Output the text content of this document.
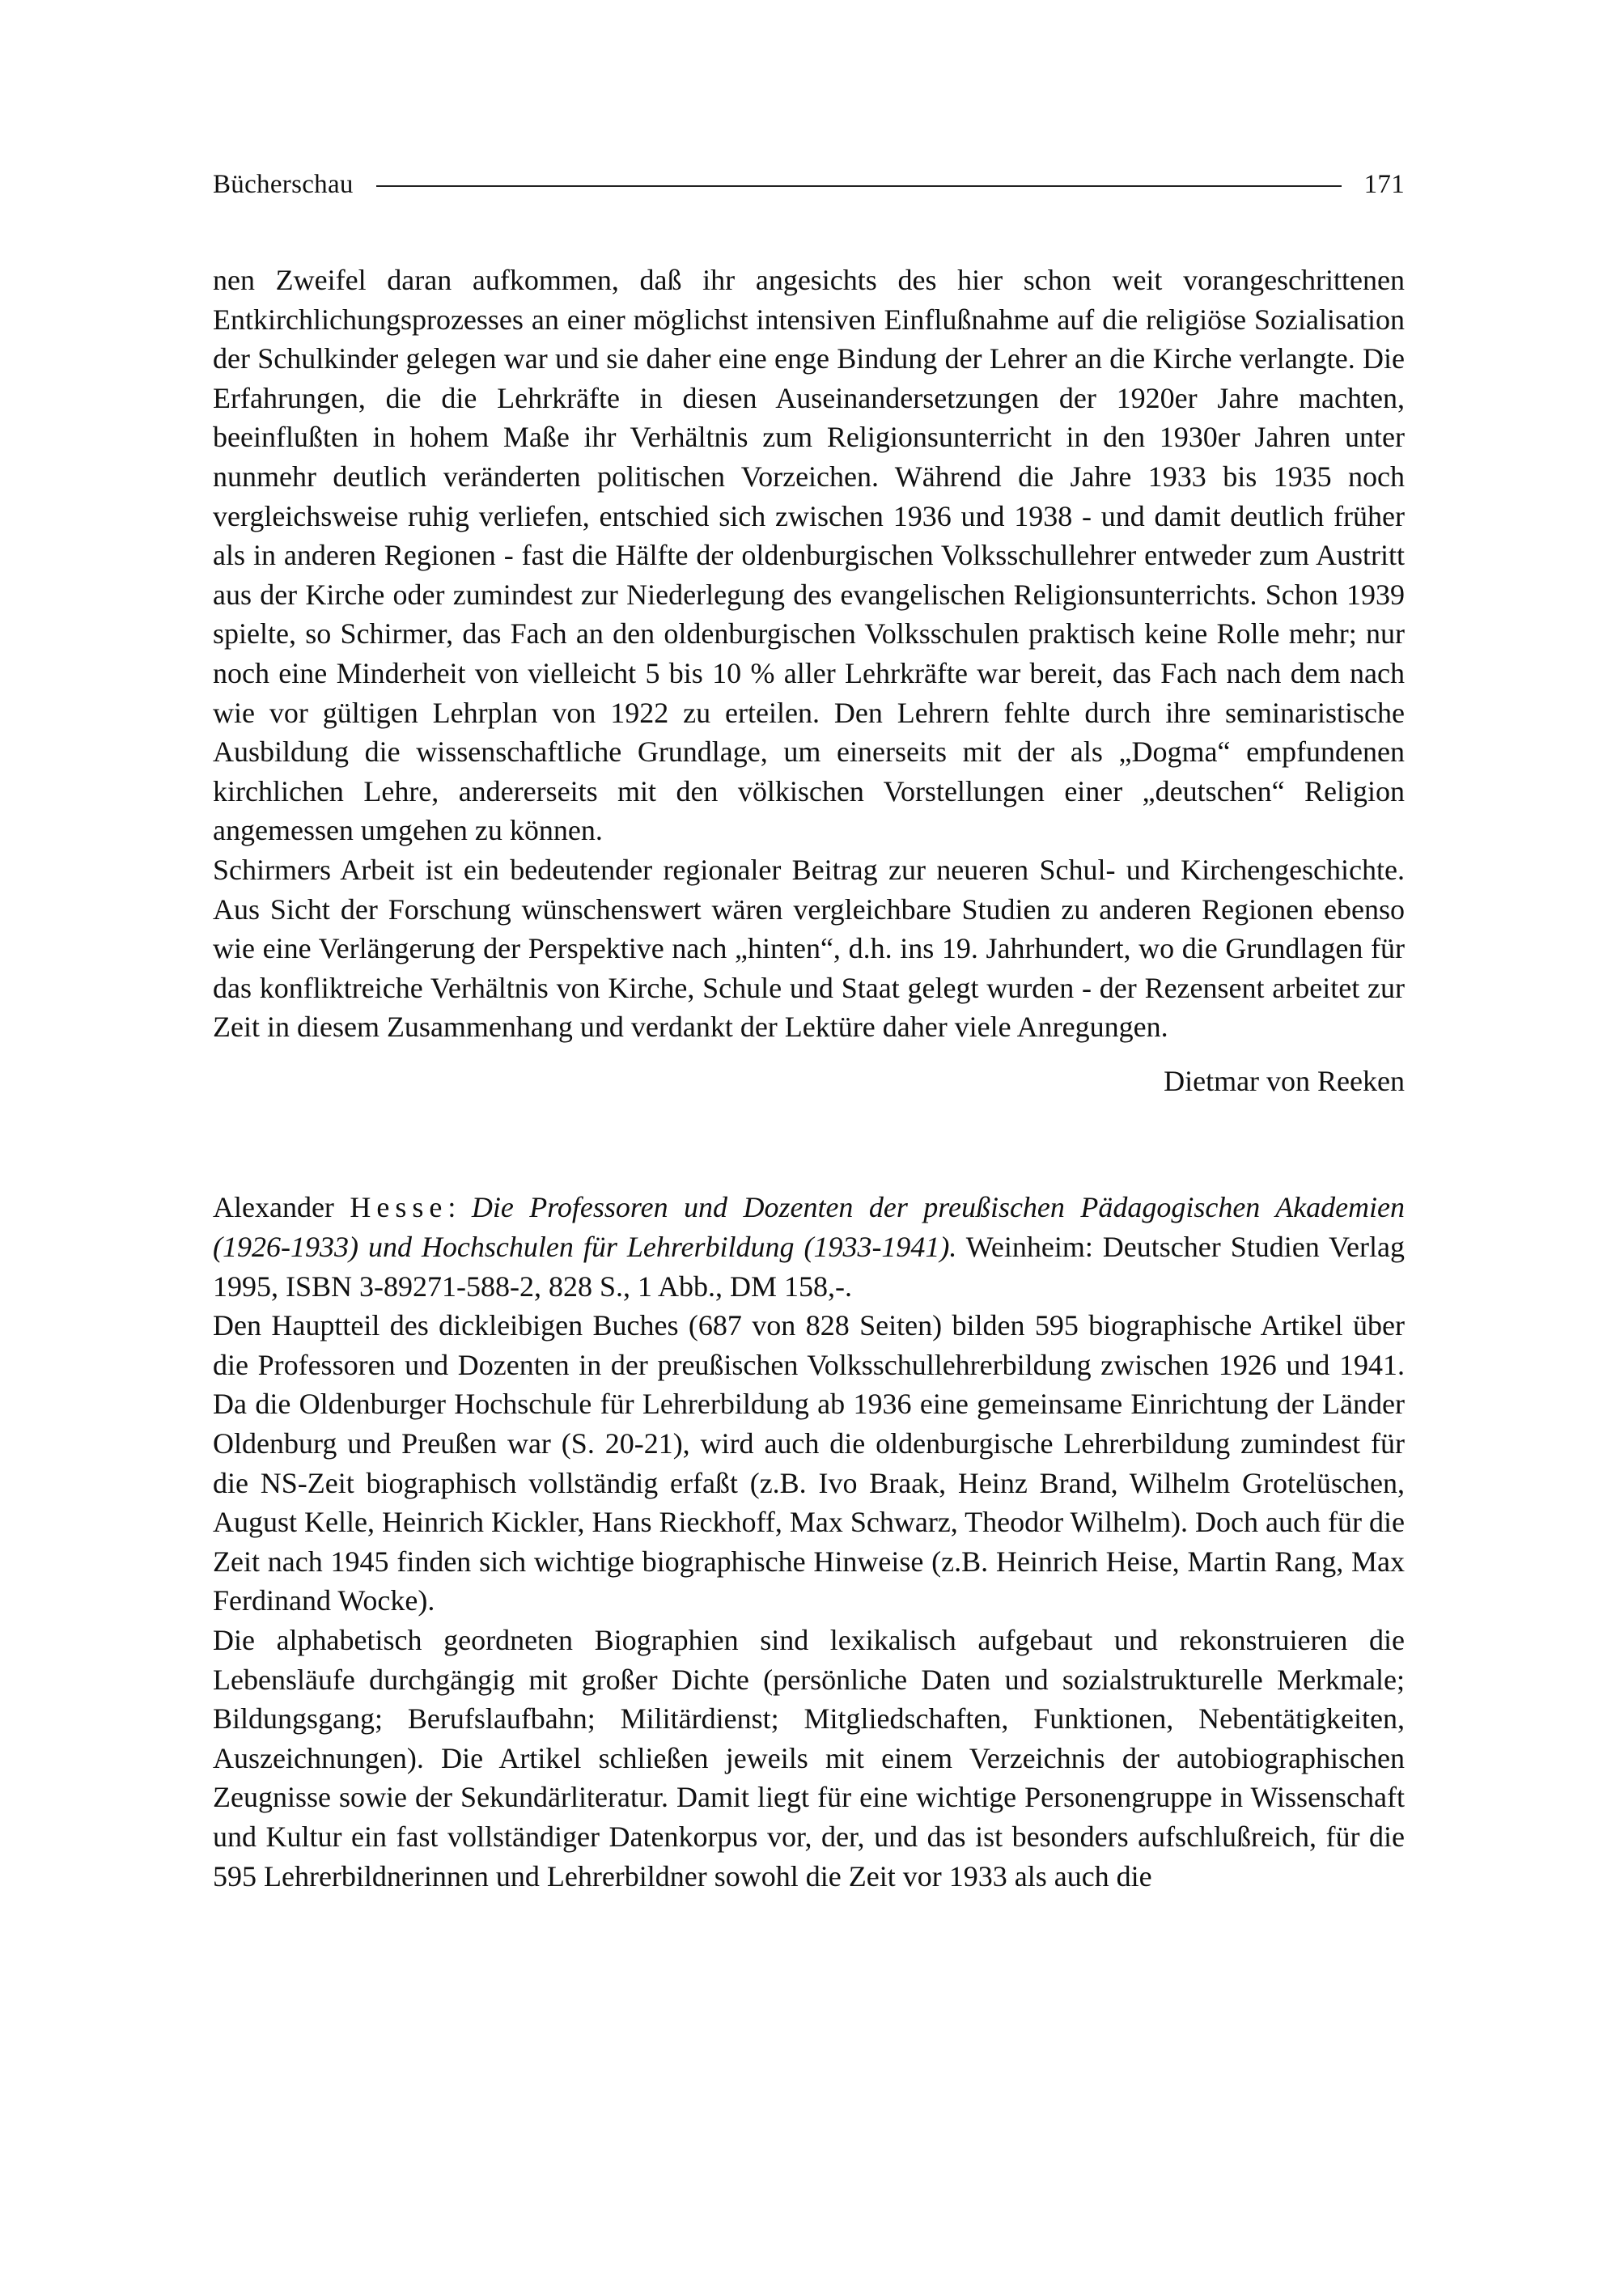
Bücherschau	171

nen Zweifel daran aufkommen, daß ihr angesichts des hier schon weit vorangeschrittenen Entkirchlichungsprozesses an einer möglichst intensiven Einflußnahme auf die religiöse Sozialisation der Schulkinder gelegen war und sie daher eine enge Bindung der Lehrer an die Kirche verlangte. Die Erfahrungen, die die Lehrkräfte in diesen Auseinandersetzungen der 1920er Jahre machten, beeinflußten in hohem Maße ihr Verhältnis zum Religionsunterricht in den 1930er Jahren unter nunmehr deutlich veränderten politischen Vorzeichen. Während die Jahre 1933 bis 1935 noch vergleichsweise ruhig verliefen, entschied sich zwischen 1936 und 1938 - und damit deutlich früher als in anderen Regionen - fast die Hälfte der oldenburgischen Volksschullehrer entweder zum Austritt aus der Kirche oder zumindest zur Niederlegung des evangelischen Religionsunterrichts. Schon 1939 spielte, so Schirmer, das Fach an den oldenburgischen Volksschulen praktisch keine Rolle mehr; nur noch eine Minderheit von vielleicht 5 bis 10 % aller Lehrkräfte war bereit, das Fach nach dem nach wie vor gültigen Lehrplan von 1922 zu erteilen. Den Lehrern fehlte durch ihre seminaristische Ausbildung die wissenschaftliche Grundlage, um einerseits mit der als „Dogma“ empfundenen kirchlichen Lehre, andererseits mit den völkischen Vorstellungen einer „deutschen“ Religion angemessen umgehen zu können.

Schirmers Arbeit ist ein bedeutender regionaler Beitrag zur neueren Schul- und Kirchengeschichte. Aus Sicht der Forschung wünschenswert wären vergleichbare Studien zu anderen Regionen ebenso wie eine Verlängerung der Perspektive nach „hinten“, d.h. ins 19. Jahrhundert, wo die Grundlagen für das konfliktreiche Verhältnis von Kirche, Schule und Staat gelegt wurden - der Rezensent arbeitet zur Zeit in diesem Zusammenhang und verdankt der Lektüre daher viele Anregungen.

Dietmar von Reeken

Alexander Hesse: Die Professoren und Dozenten der preußischen Pädagogischen Akademien (1926-1933) und Hochschulen für Lehrerbildung (1933-1941). Weinheim: Deutscher Studien Verlag 1995, ISBN 3-89271-588-2, 828 S., 1 Abb., DM 158,-.

Den Hauptteil des dickleibigen Buches (687 von 828 Seiten) bilden 595 biographische Artikel über die Professoren und Dozenten in der preußischen Volksschullehrerbildung zwischen 1926 und 1941. Da die Oldenburger Hochschule für Lehrerbildung ab 1936 eine gemeinsame Einrichtung der Länder Oldenburg und Preußen war (S. 20-21), wird auch die oldenburgische Lehrerbildung zumindest für die NS-Zeit biographisch vollständig erfaßt (z.B. Ivo Braak, Heinz Brand, Wilhelm Grotelüschen, August Kelle, Heinrich Kickler, Hans Rieckhoff, Max Schwarz, Theodor Wilhelm). Doch auch für die Zeit nach 1945 finden sich wichtige biographische Hinweise (z.B. Heinrich Heise, Martin Rang, Max Ferdinand Wocke).

Die alphabetisch geordneten Biographien sind lexikalisch aufgebaut und rekonstruieren die Lebensläufe durchgängig mit großer Dichte (persönliche Daten und sozialstrukturelle Merkmale; Bildungsgang; Berufslaufbahn; Militärdienst; Mitgliedschaften, Funktionen, Nebentätigkeiten, Auszeichnungen). Die Artikel schließen jeweils mit einem Verzeichnis der autobiographischen Zeugnisse sowie der Sekundärliteratur. Damit liegt für eine wichtige Personengruppe in Wissenschaft und Kultur ein fast vollständiger Datenkorpus vor, der, und das ist besonders aufschlußreich, für die 595 Lehrerbildnerinnen und Lehrerbildner sowohl die Zeit vor 1933 als auch die
